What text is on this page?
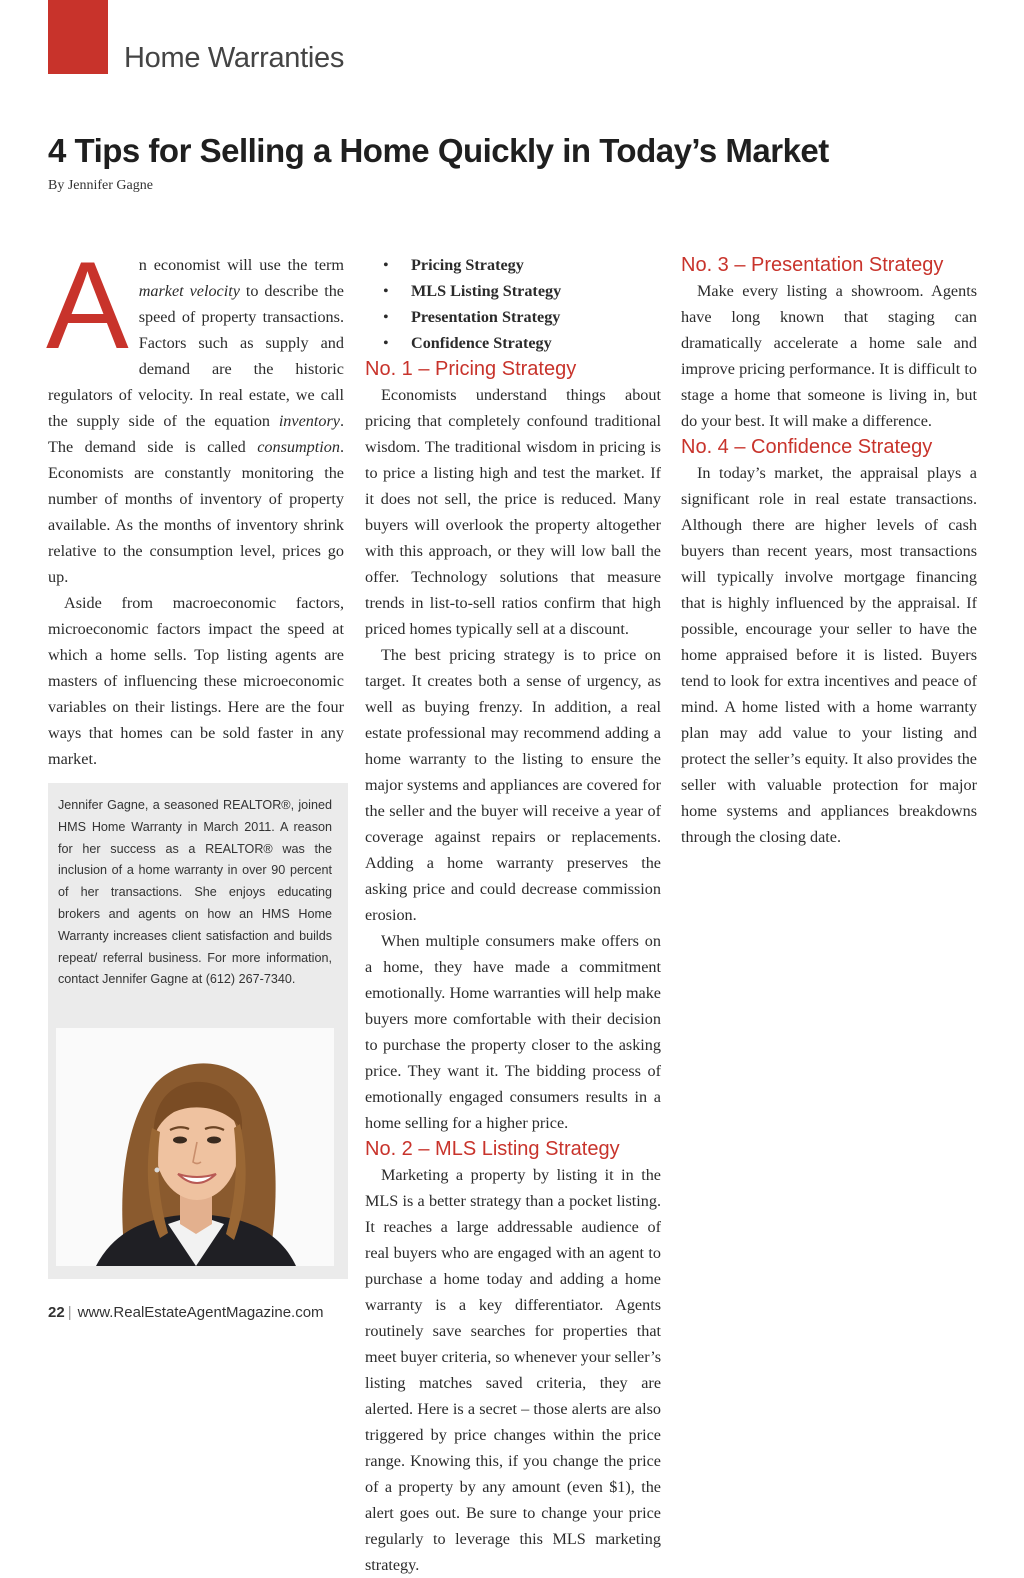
Home Warranties
4 Tips for Selling a Home Quickly in Today’s Market
By Jennifer Gagne

An economist will use the term market velocity to describe the speed of property transactions. Factors such as supply and demand are the historic regulators of velocity. In real estate, we call the supply side of the equation inventory. The demand side is called consumption. Economists are constantly monitoring the number of months of inventory of property available. As the months of inventory shrink relative to the consumption level, prices go up.

Aside from macroeconomic factors, microeconomic factors impact the speed at which a home sells. Top listing agents are masters of influencing these microeconomic variables on their listings. Here are the four ways that homes can be sold faster in any market.

• Pricing Strategy
• MLS Listing Strategy
• Presentation Strategy
• Confidence Strategy
No. 1 – Pricing Strategy

Economists understand things about pricing that completely confound traditional wisdom. The traditional wisdom in pricing is to price a listing high and test the market. If it does not sell, the price is reduced. Many buyers will overlook the property altogether with this approach, or they will low ball the offer. Technology solutions that measure trends in list-to-sell ratios confirm that high priced homes typically sell at a discount.

The best pricing strategy is to price on target. It creates both a sense of urgency, as well as buying frenzy. In addition, a real estate professional may recommend adding a home warranty to the listing to ensure the major systems and appliances are covered for the seller and the buyer will receive a year of coverage against repairs or replacements. Adding a home warranty preserves the asking price and could decrease commission erosion.

When multiple consumers make offers on a home, they have made a commitment emotionally. Home warranties will help make buyers more comfortable with their decision to purchase the property closer to the asking price. They want it. The bidding process of emotionally engaged consumers results in a home selling for a higher price.

No. 2 – MLS Listing Strategy

Marketing a property by listing it in the MLS is a better strategy than a pocket listing. It reaches a large addressable audience of real buyers who are engaged with an agent to purchase a home today and adding a home warranty is a key differentiator. Agents routinely save searches for properties that meet buyer criteria, so whenever your seller’s listing matches saved criteria, they are alerted. Here is a secret – those alerts are also triggered by price changes within the price range. Knowing this, if you change the price of a property by any amount (even $1), the alert goes out. Be sure to change your price regularly to leverage this MLS marketing strategy.

No. 3 – Presentation Strategy

Make every listing a showroom. Agents have long known that staging can dramatically accelerate a home sale and improve pricing performance. It is difficult to stage a home that someone is living in, but do your best. It will make a difference.

No. 4 – Confidence Strategy

In today’s market, the appraisal plays a significant role in real estate transactions. Although there are higher levels of cash buyers than recent years, most transactions will typically involve mortgage financing that is highly influenced by the appraisal. If possible, encourage your seller to have the home appraised before it is listed. Buyers tend to look for extra incentives and peace of mind. A home listed with a home warranty plan may add value to your listing and protect the seller’s equity. It also provides the seller with valuable protection for major home systems and appliances breakdowns through the closing date.

Jennifer Gagne, a seasoned REALTOR®, joined HMS Home Warranty in March 2011. A reason for her success as a REALTOR® was the inclusion of a home warranty in over 90 percent of her transactions. She enjoys educating brokers and agents on how an HMS Home Warranty increases client satisfaction and builds repeat/ referral business. For more information, contact Jennifer Gagne at (612) 267-7340.
22 | www.RealEstateAgentMagazine.com
